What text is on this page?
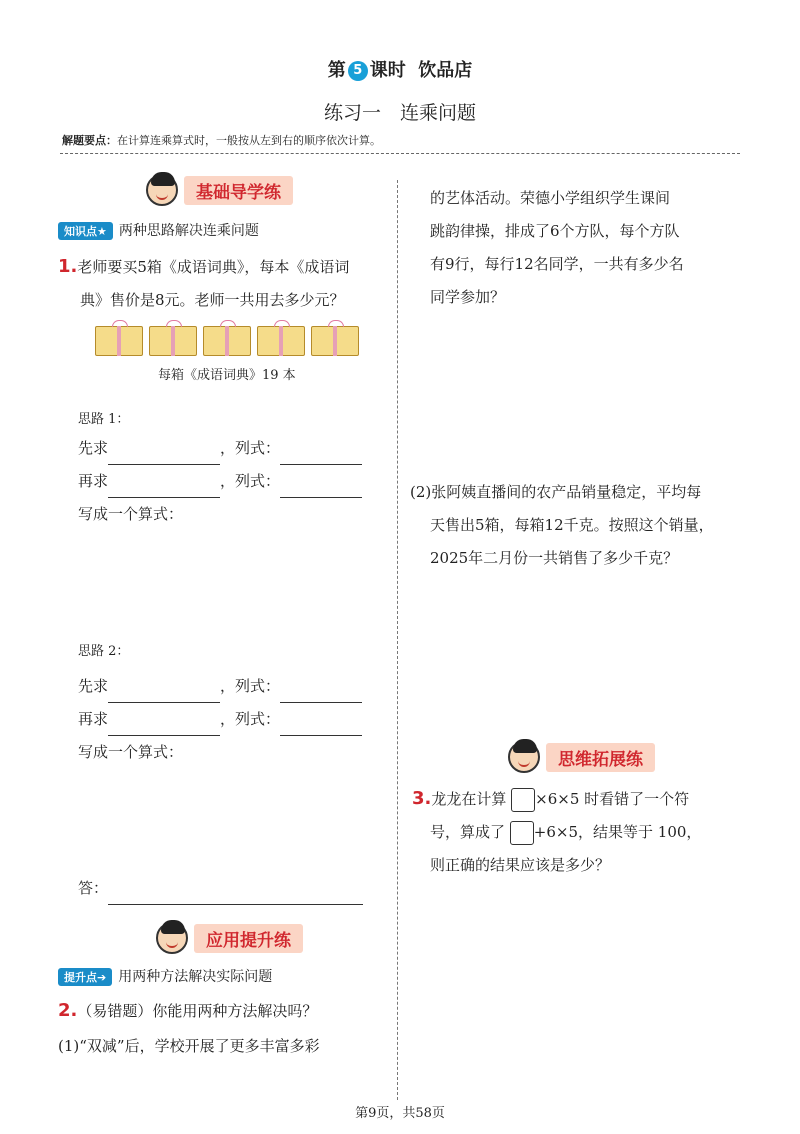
第 5 课时 饮品店
练习一　连乘问题
解题要点：在计算连乘算式时，一般按从左到右的顺序依次计算。
基础导学练
知识点★ 两种思路解决连乘问题
1.老师要买5箱《成语词典》，每本《成语词
典》售价是8元。老师一共用去多少元？
每箱《成语词典》19 本
思路 1：
先求	，列式：
再求	，列式：
写成一个算式：
思路 2：
先求	，列式：
再求	，列式：
写成一个算式：
答：
应用提升练
提升点➔ 用两种方法解决实际问题
2.（易错题）你能用两种方法解决吗？
(1)“双减”后，学校开展了更多丰富多彩
的艺体活动。荣德小学组织学生课间
跳韵律操，排成了6个方队，每个方队
有9行，每行12名同学，一共有多少名
同学参加？
(2)张阿姨直播间的农产品销量稳定，平均每
天售出5箱，每箱12千克。按照这个销量，
2025年二月份一共销售了多少千克？
思维拓展练
3.龙龙在计算 ×6×5 时看错了一个符
号，算成了 +6×5，结果等于 100，
则正确的结果应该是多少？
第9页，共58页
